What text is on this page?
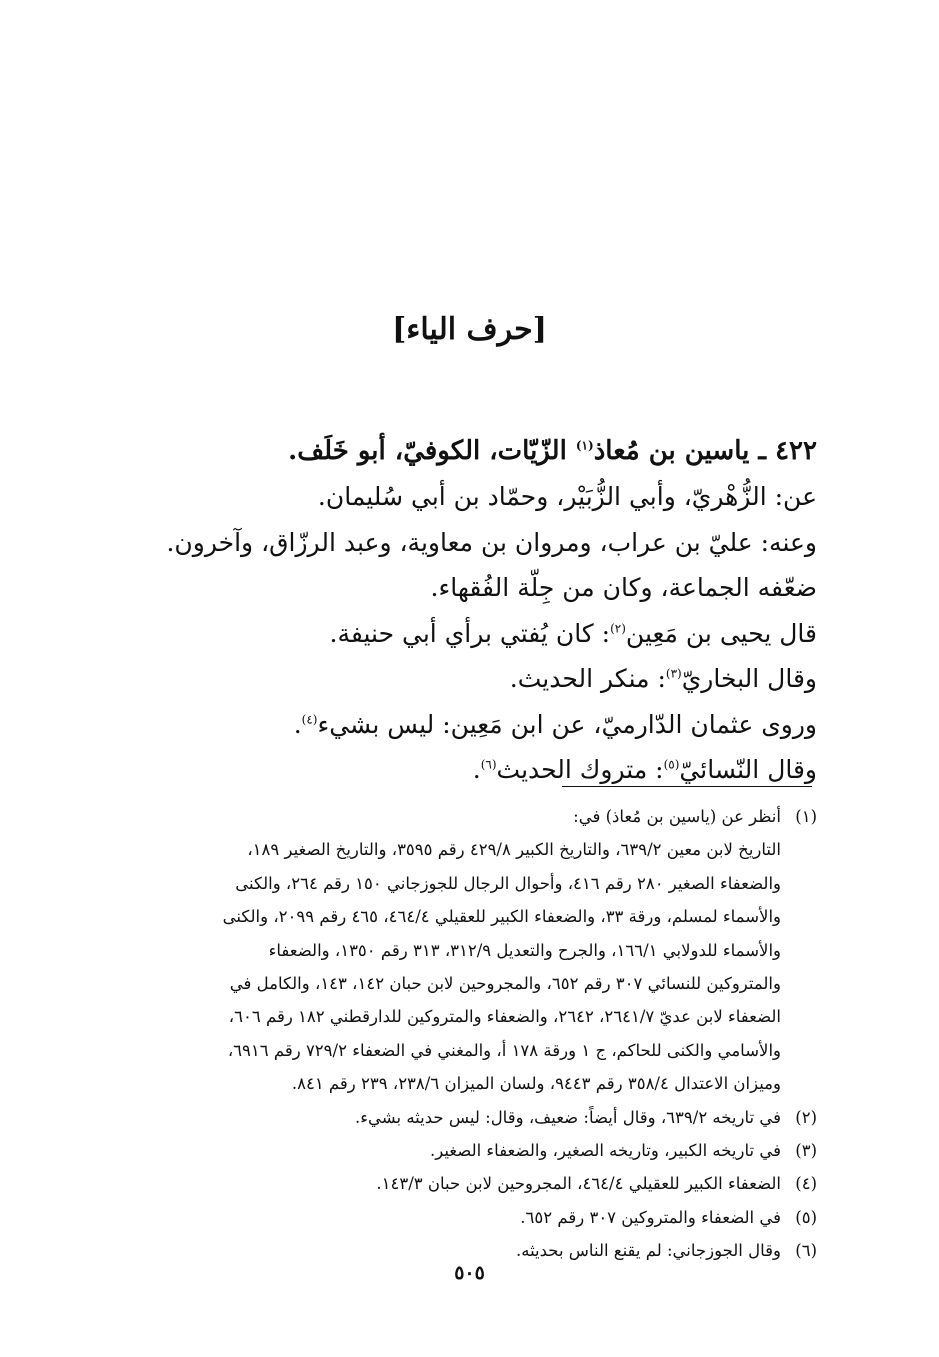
[حرف الياء]
٤٢٢ ـ ياسين بن مُعاذ$^{(١)}$ الزّيّات، الكوفيّ، أبو خَلَف.
عن: الزُّهْريّ، وأبي الزُّبَيْر، وحمّاد بن أبي سُليمان.
وعنه: عليّ بن عراب، ومروان بن معاوية، وعبد الرزّاق، وآخرون.
ضعّفه الجماعة، وكان من جِلّة الفُقهاء.
قال يحيى بن مَعِين$^{(٢)}$: كان يُفتي برأي أبي حنيفة.
وقال البخاريّ$^{(٣)}$: منكر الحديث.
وروى عثمان الدّارميّ، عن ابن مَعِين: ليس بشيء$^{(٤)}$.
وقال النّسائيّ$^{(٥)}$: متروك الحديث$^{(٦)}$.
(١)أنظر عن (ياسين بن مُعاذ) في:
التاريخ لابن معين ٦٣٩/٢، والتاريخ الكبير ٤٢٩/٨ رقم ٣٥٩٥، والتاريخ الصغير ١٨٩،
والضعفاء الصغير ٢٨٠ رقم ٤١٦، وأحوال الرجال للجوزجاني ١٥٠ رقم ٢٦٤، والكنى
والأسماء لمسلم، ورقة ٣٣، والضعفاء الكبير للعقيلي ٤٦٤/٤، ٤٦٥ رقم ٢٠٩٩، والكنى
والأسماء للدولابي ١٦٦/١، والجرح والتعديل ٣١٢/٩، ٣١٣ رقم ١٣٥٠، والضعفاء
والمتروكين للنسائي ٣٠٧ رقم ٦٥٢، والمجروحين لابن حبان ١٤٢، ١٤٣، والكامل في
الضعفاء لابن عديّ ٢٦٤١/٧، ٢٦٤٢، والضعفاء والمتروكين للدارقطني ١٨٢ رقم ٦٠٦،
والأسامي والكنى للحاكم، ج ١ ورقة ١٧٨ أ، والمغني في الضعفاء ٧٢٩/٢ رقم ٦٩١٦،
وميزان الاعتدال ٣٥٨/٤ رقم ٩٤٤٣، ولسان الميزان ٢٣٨/٦، ٢٣٩ رقم ٨٤١.
(٢)في تاريخه ٦٣٩/٢، وقال أيضاً: ضعيف، وقال: ليس حديثه بشيء.
(٣)في تاريخه الكبير، وتاريخه الصغير، والضعفاء الصغير.
(٤)الضعفاء الكبير للعقيلي ٤٦٤/٤، المجروحين لابن حبان ١٤٣/٣.
(٥)في الضعفاء والمتروكين ٣٠٧ رقم ٦٥٢.
(٦)وقال الجوزجاني: لم يقنع الناس بحديثه.
٥٠٥
